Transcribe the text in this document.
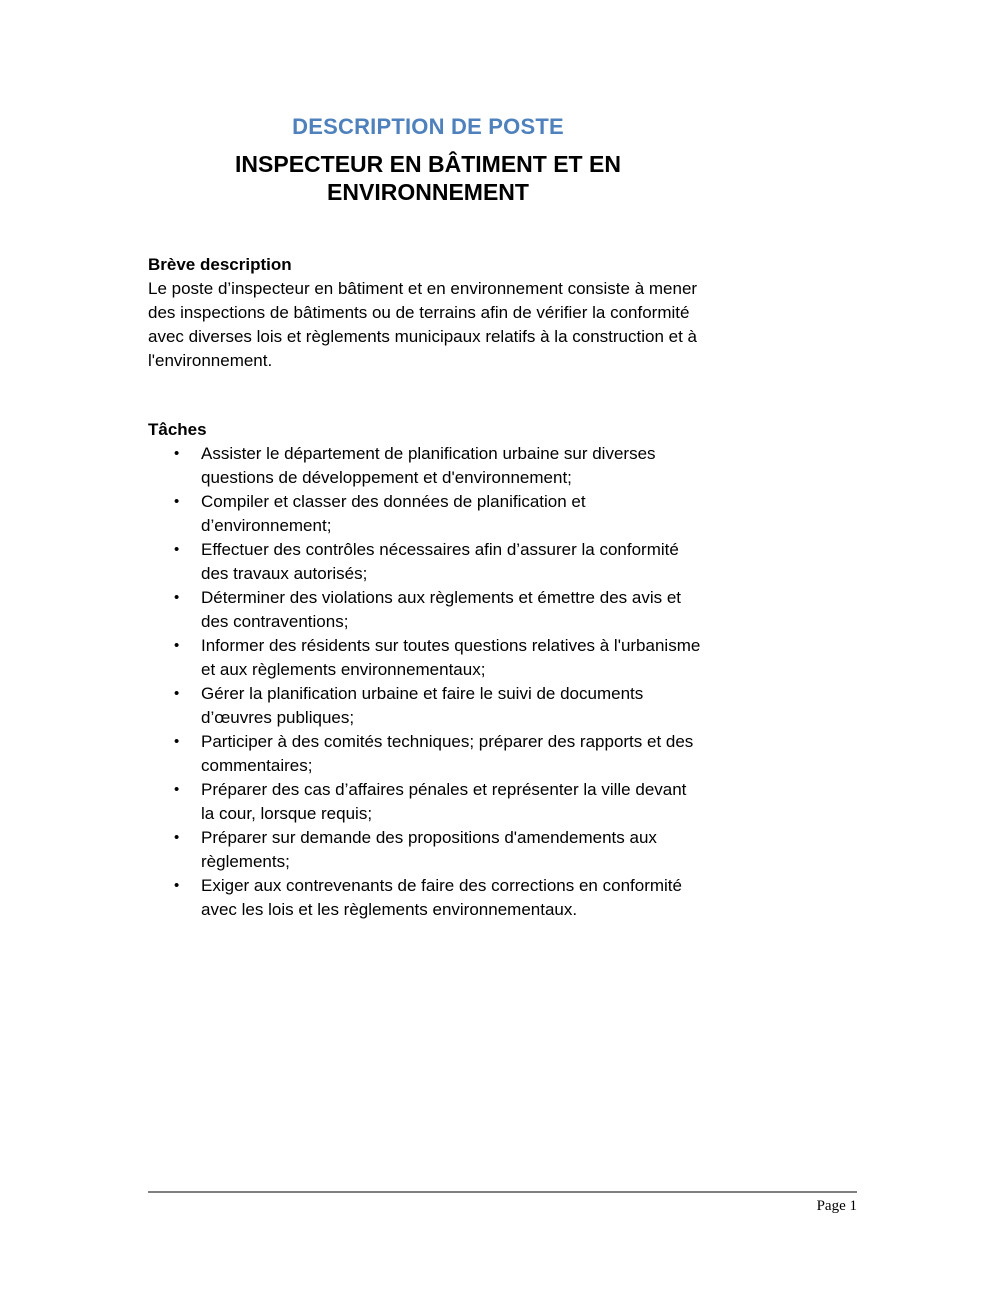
DESCRIPTION DE POSTE
INSPECTEUR EN BÂTIMENT ET EN ENVIRONNEMENT
Brève description
Le poste d’inspecteur en bâtiment et en environnement consiste à mener des inspections de bâtiments ou de terrains afin de vérifier la conformité avec diverses lois et règlements municipaux relatifs à la construction et à l'environnement.
Tâches
•	Assister le département de planification urbaine sur diverses questions de développement et d'environnement;
•	Compiler et classer des données de planification et d’environnement;
•	Effectuer des contrôles nécessaires afin d’assurer la conformité des travaux autorisés;
•	Déterminer des violations aux règlements et émettre des avis et des contraventions;
•	Informer des résidents sur toutes questions relatives à l'urbanisme et aux règlements environnementaux;
•	Gérer la planification urbaine et faire le suivi de documents d’œuvres publiques;
•	Participer à des comités techniques; préparer des rapports et des commentaires;
•	Préparer des cas d’affaires pénales et représenter la ville devant la cour, lorsque requis;
•	Préparer sur demande des propositions d'amendements aux règlements;
•	Exiger aux contrevenants de faire des corrections en conformité avec les lois et les règlements environnementaux.
Page 1
